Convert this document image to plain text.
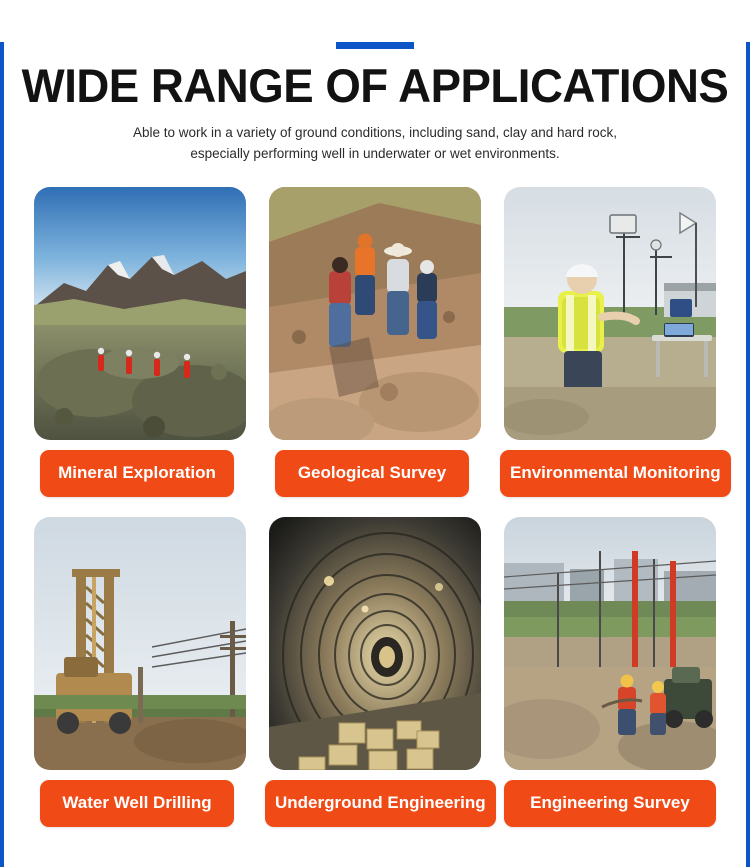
WIDE RANGE OF APPLICATIONS
Able to work in a variety of ground conditions, including sand, clay and hard rock,
especially performing well in underwater or wet environments.
Mineral Exploration	Geological Survey	Environmental Monitoring
Water Well Drilling	Underground Engineering	Engineering Survey
